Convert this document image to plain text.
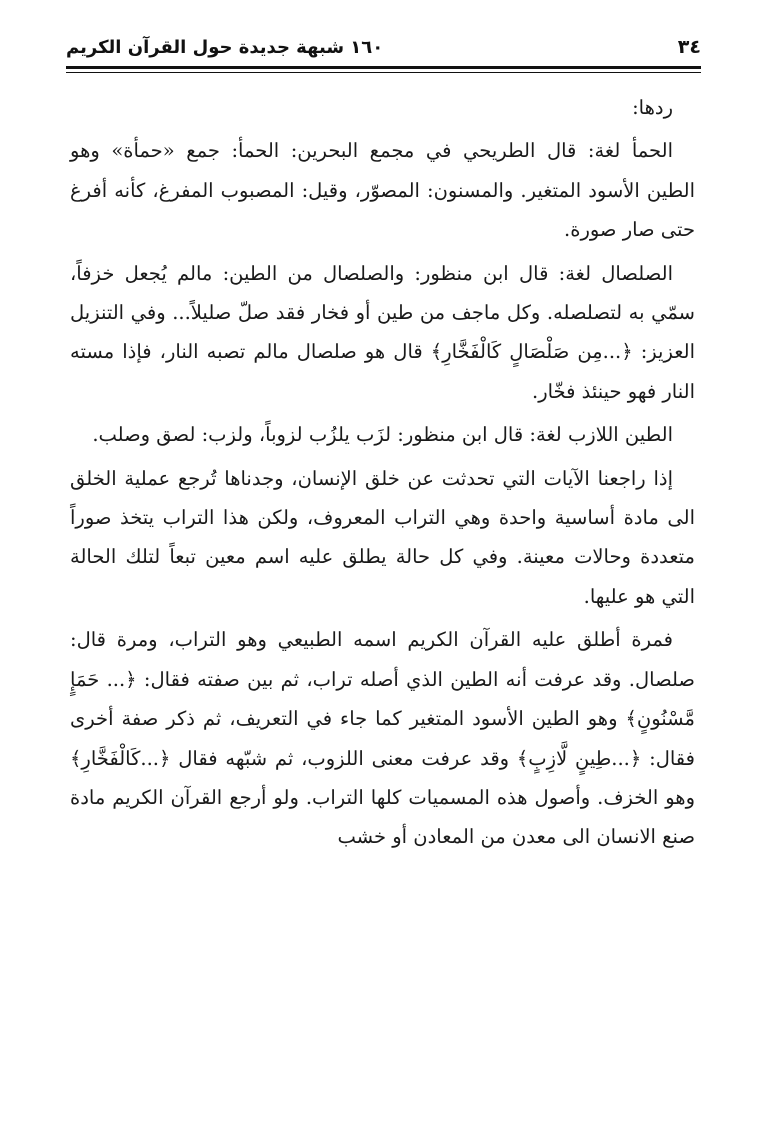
٣٤
١٦٠ شبهة جديدة حول القرآن الكريم

ردها:

الحمأ لغة: قال الطريحي في مجمع البحرين: الحمأ: جمع «حمأة» وهو الطين الأسود المتغير. والمسنون: المصوّر، وقيل: المصبوب المفرغ، كأنه أفرغ حتى صار صورة.

الصلصال لغة: قال ابن منظور: والصلصال من الطين: مالم يُجعل خزفاً، سمّي به لتصلصله. وكل ماجف من طين أو فخار فقد صلّ صليلاً... وفي التنزيل العزيز: ﴿...مِن صَلْصَالٍ كَالْفَخَّارِ﴾ قال هو صلصال مالم تصبه النار، فإذا مسته النار فهو حينئذ فخّار.

الطين اللازب لغة: قال ابن منظور: لزَب يلزُب لزوباً، ولزب: لصق وصلب.

إذا راجعنا الآيات التي تحدثت عن خلق الإنسان، وجدناها تُرجع عملية الخلق الى مادة أساسية واحدة وهي التراب المعروف، ولكن هذا التراب يتخذ صوراً متعددة وحالات معينة. وفي كل حالة يطلق عليه اسم معين تبعاً لتلك الحالة التي هو عليها.

فمرة أطلق عليه القرآن الكريم اسمه الطبيعي وهو التراب، ومرة قال: صلصال. وقد عرفت أنه الطين الذي أصله تراب، ثم بين صفته فقال: ﴿... حَمَإٍ مَّسْنُونٍ﴾ وهو الطين الأسود المتغير كما جاء في التعريف، ثم ذكر صفة أخرى فقال: ﴿...طِينٍ لَّازِبٍ﴾ وقد عرفت معنى اللزوب، ثم شبّهه فقال ﴿...كَالْفَخَّارِ﴾ وهو الخزف. وأصول هذه المسميات كلها التراب. ولو أرجع القرآن الكريم مادة صنع الانسان الى معدن من المعادن أو خشب
